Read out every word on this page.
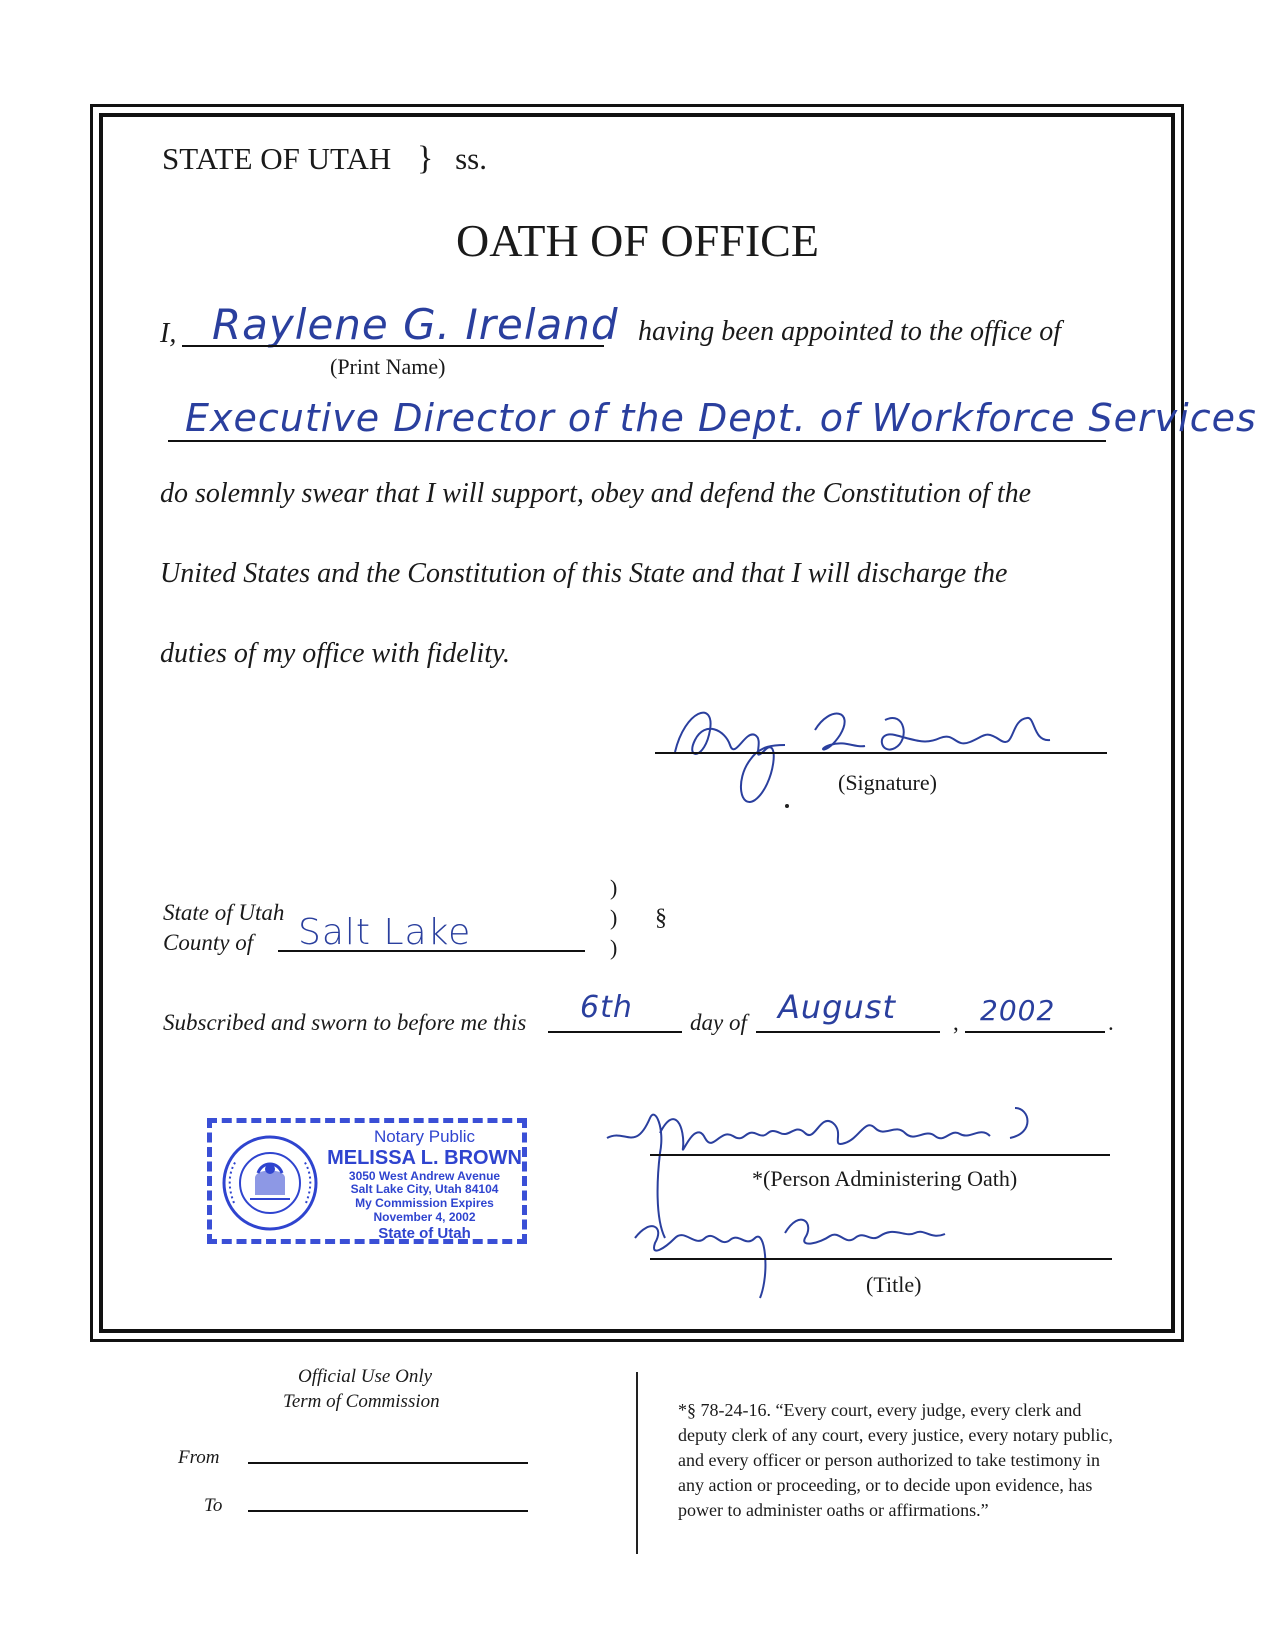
STATE OF UTAH } ss.
OATH OF OFFICE
I, Raylene G. Ireland
(Print Name)
having been appointed to the office of
Executive Director of the Dept. of Workforce Services
do solemnly swear that I will support, obey and defend the Constitution of the
United States and the Constitution of this State and that I will discharge the
duties of my office with fidelity.
(Signature)
State of Utah
County of Salt Lake
)
)
)
§
Subscribed and sworn to before me this 6th day of August , 2002 .
Notary Public
MELISSA L. BROWN
3050 West Andrew Avenue
Salt Lake City, Utah 84104
My Commission Expires
November 4, 2002
State of Utah
*(Person Administering Oath)
(Title)
Official Use Only
Term of Commission
From
To
*§ 78-24-16. “Every court, every judge, every clerk and
deputy clerk of any court, every justice, every notary public,
and every officer or person authorized to take testimony in
any action or proceeding, or to decide upon evidence, has
power to administer oaths or affirmations.”
